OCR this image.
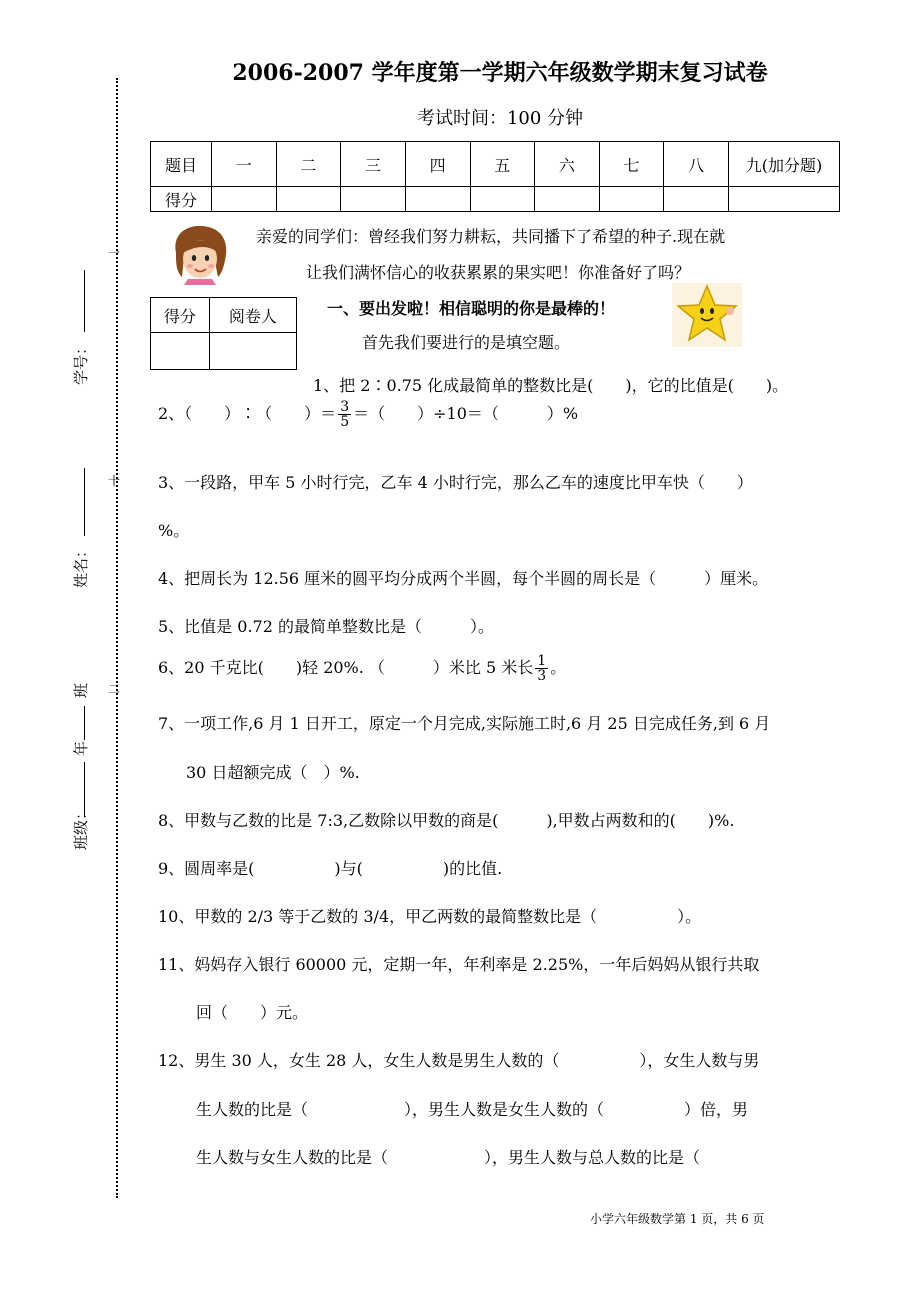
一
十
二
学号：
姓名：
班级：
年
班
2006-2007 学年度第一学期六年级数学期末复习试卷
考试时间：100 分钟
题目	一	二	三	四	五	六	七	八	九(加分题)
得分									
亲爱的同学们：曾经我们努力耕耘，共同播下了希望的种子.现在就
让我们满怀信心的收获累累的果实吧！你准备好了吗？
得分	阅卷人
		一、要出发啦！相信聪明的你是最棒的！
首先我们要进行的是填空题。
1、把 2∶0.75 化成最简单的整数比是(　　)，它的比值是(　　)。
2、（　　）∶（　　）＝ $\frac{3}{5}$ ＝（　　）÷10＝（　　　）%
3、一段路，甲车 5 小时行完，乙车 4 小时行完，那么乙车的速度比甲车快（　　）
%。
4、把周长为 12.56 厘米的圆平均分成两个半圆，每个半圆的周长是（　　　）厘米。
5、比值是 0.72 的最简单整数比是（　　　）。
6、20 千克比(　　)轻 20%. （　　　）米比 5 米长 $\frac{1}{3}$ 。
7、一项工作,6 月 1 日开工，原定一个月完成,实际施工时,6 月 25 日完成任务,到 6 月
30 日超额完成（　）%.
8、甲数与乙数的比是 7:3,乙数除以甲数的商是(　　　),甲数占两数和的(　　)%.
9、圆周率是(　　　　　)与(　　　　　)的比值.
10、甲数的 2/3 等于乙数的 3/4，甲乙两数的最简整数比是（　　　　　）。
11、妈妈存入银行 60000 元，定期一年，年利率是 2.25%，一年后妈妈从银行共取
回（　　）元。
12、男生 30 人，女生 28 人，女生人数是男生人数的（　　　　　），女生人数与男
生人数的比是（　　　　　　），男生人数是女生人数的（　　　　　）倍，男
生人数与女生人数的比是（　　　　　　），男生人数与总人数的比是（
小学六年级数学第 1 页，共 6 页
